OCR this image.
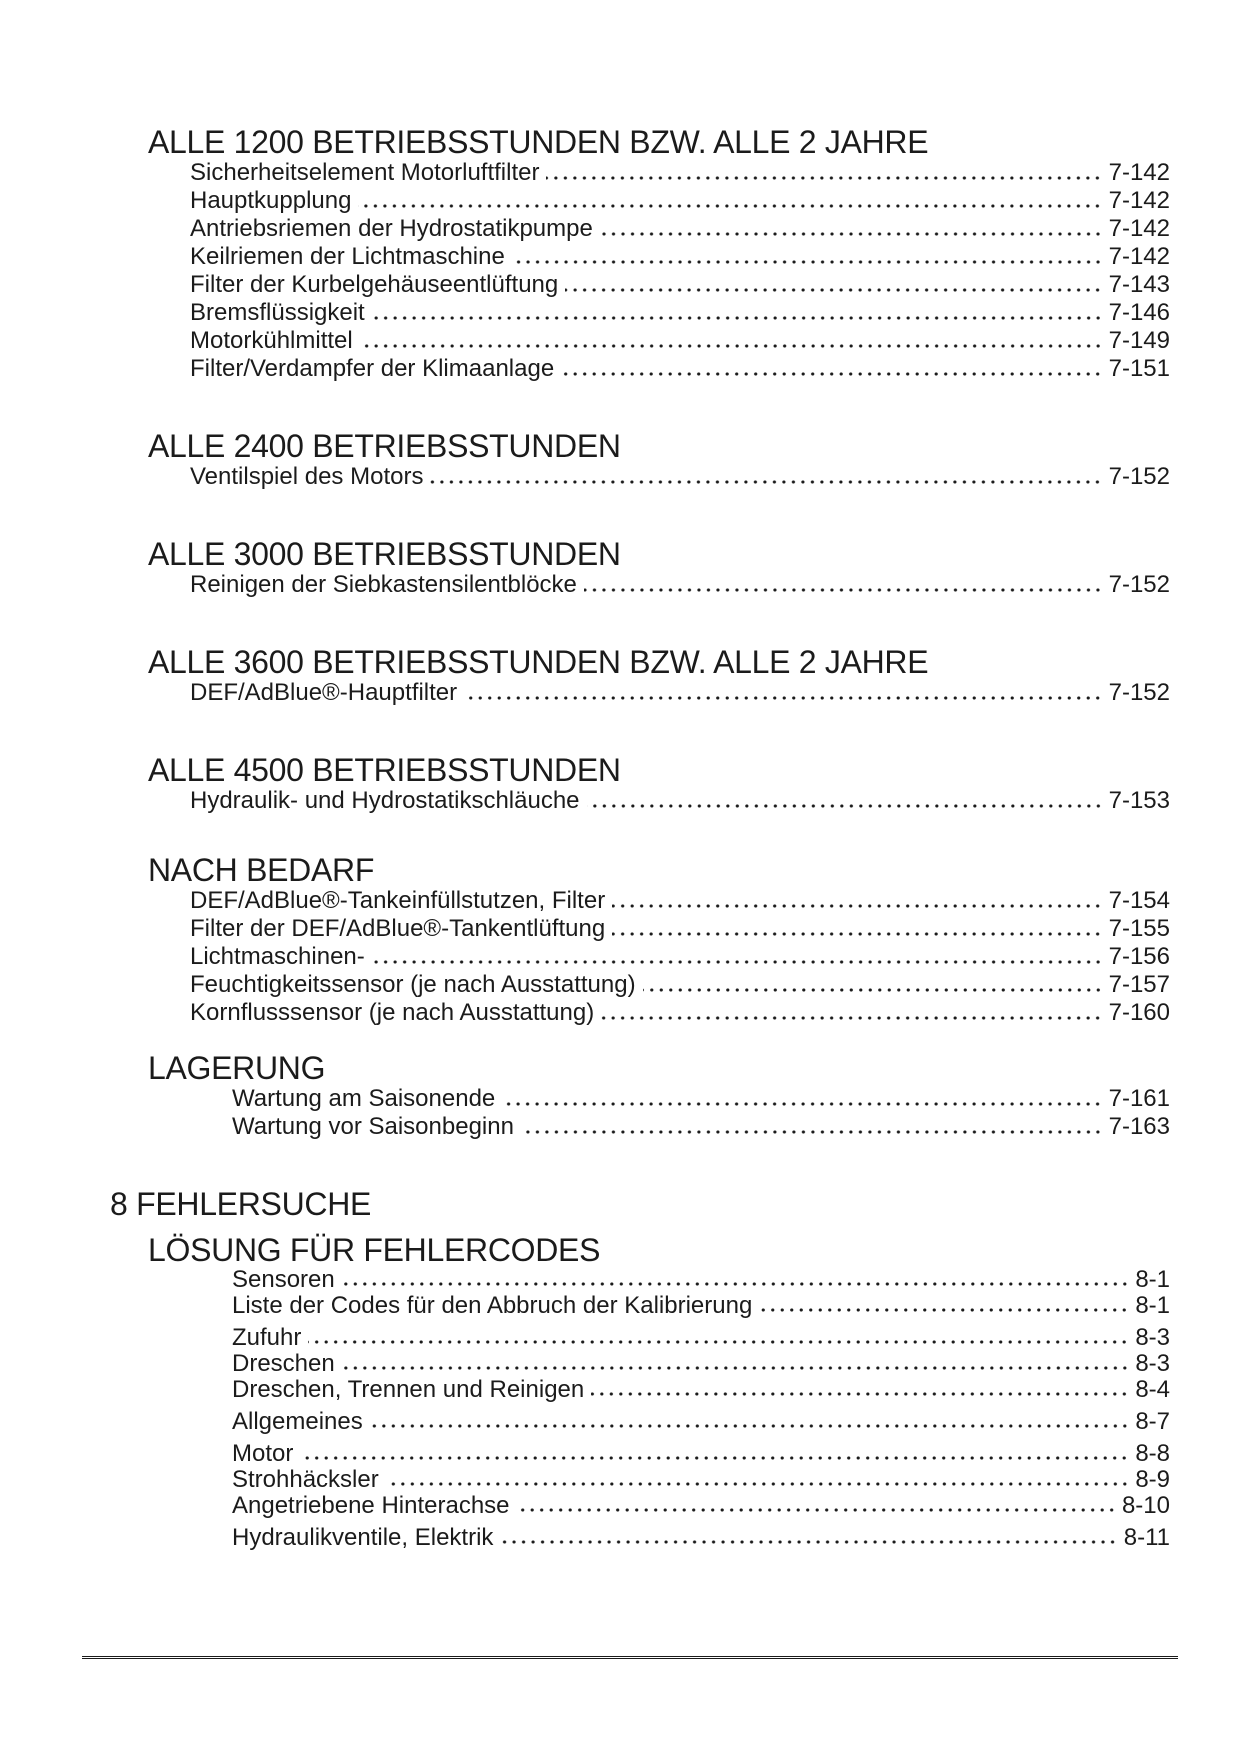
ALLE 1200 BETRIEBSSTUNDEN BZW. ALLE 2 JAHRE
Sicherheitselement Motorluftfilter	7-142
Hauptkupplung	7-142
Antriebsriemen der Hydrostatikpumpe	7-142
Keilriemen der Lichtmaschine	7-142
Filter der Kurbelgehäuseentlüftung	7-143
Bremsflüssigkeit	7-146
Motorkühlmittel	7-149
Filter/Verdampfer der Klimaanlage	7-151
ALLE 2400 BETRIEBSSTUNDEN
Ventilspiel des Motors	7-152
ALLE 3000 BETRIEBSSTUNDEN
Reinigen der Siebkastensilentblöcke	7-152
ALLE 3600 BETRIEBSSTUNDEN BZW. ALLE 2 JAHRE
DEF/AdBlue®-Hauptfilter	7-152
ALLE 4500 BETRIEBSSTUNDEN
Hydraulik- und Hydrostatikschläuche	7-153
NACH BEDARF
DEF/AdBlue®-Tankeinfüllstutzen, Filter	7-154
Filter der DEF/AdBlue®-Tankentlüftung	7-155
Lichtmaschinen-	7-156
Feuchtigkeitssensor (je nach Ausstattung)	7-157
Kornflusssensor (je nach Ausstattung)	7-160
LAGERUNG
Wartung am Saisonende	7-161
Wartung vor Saisonbeginn	7-163
8 FEHLERSUCHE
LÖSUNG FÜR FEHLERCODES
Sensoren	8-1
Liste der Codes für den Abbruch der Kalibrierung	8-1
Zufuhr	8-3
Dreschen	8-3
Dreschen, Trennen und Reinigen	8-4
Allgemeines	8-7
Motor	8-8
Strohhäcksler	8-9
Angetriebene Hinterachse	8-10
Hydraulikventile, Elektrik	8-11
